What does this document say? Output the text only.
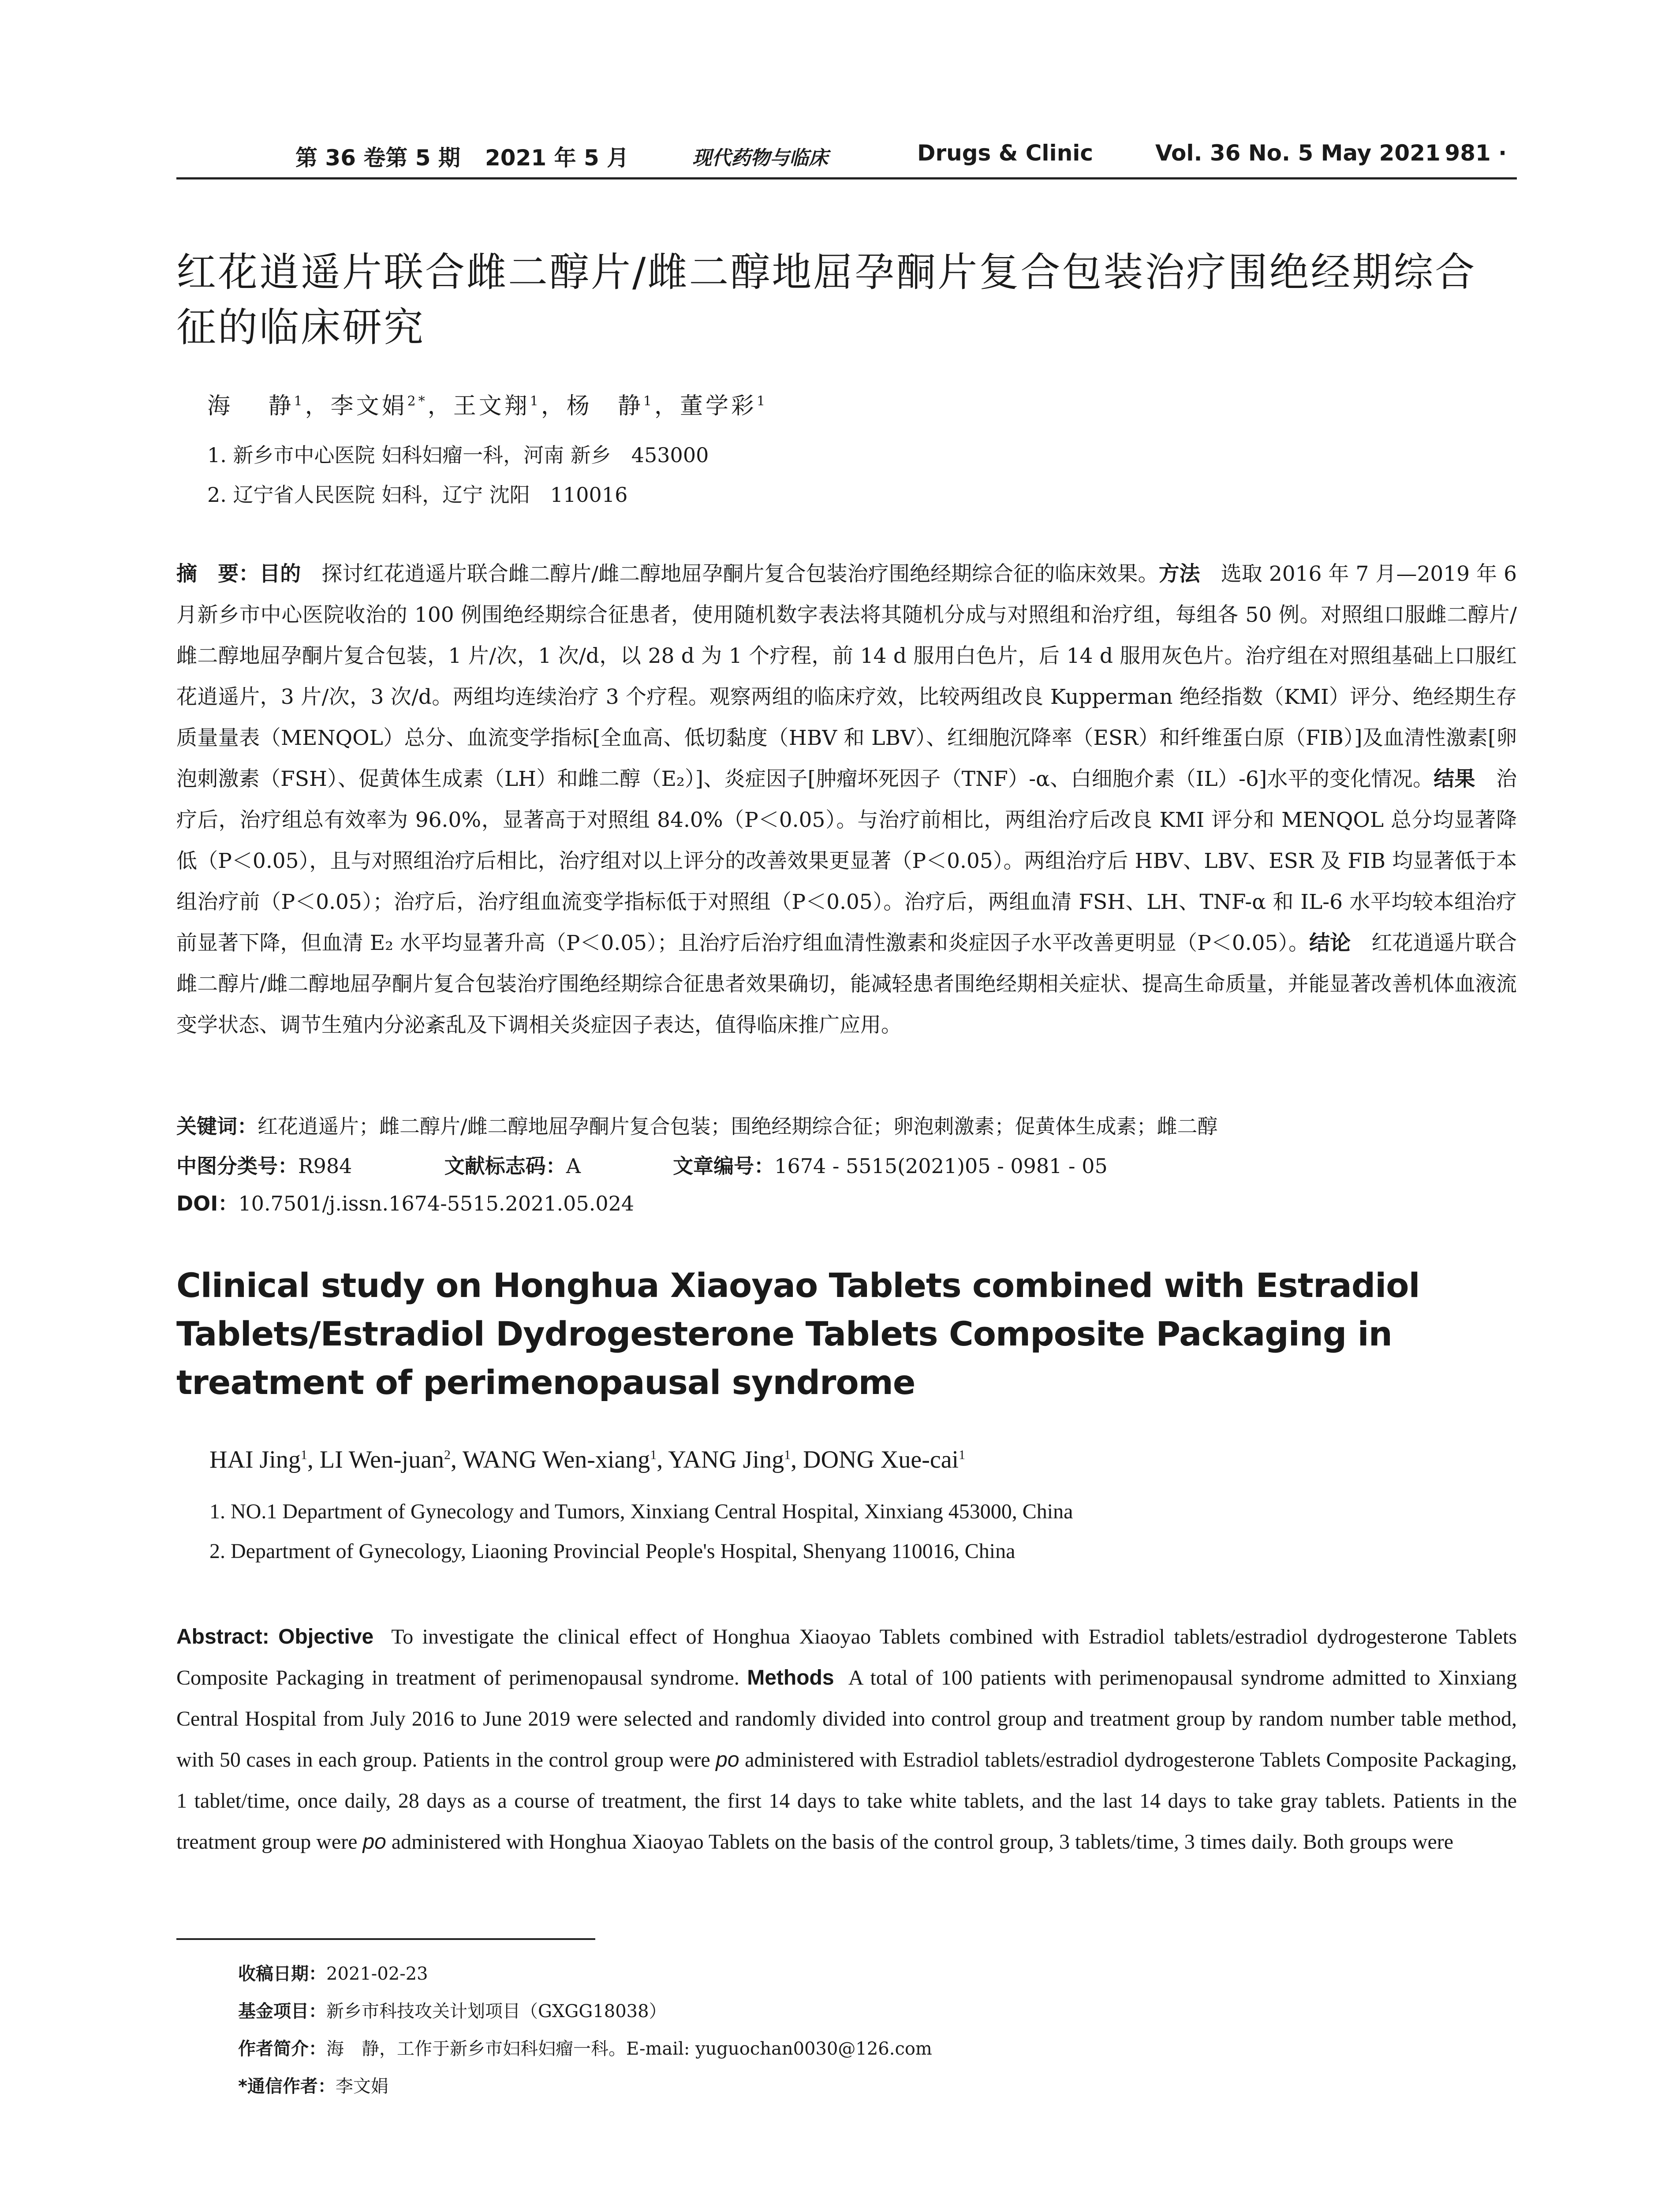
第 36 卷第 5 期 2021 年 5 月	现代药物与临床	Drugs & Clinic	Vol. 36 No. 5 May 2021
· 981 ·
红花逍遥片联合雌二醇片/雌二醇地屈孕酮片复合包装治疗围绝经期综合征的临床研究
海　 静$^1$，李文娟$^{2*}$，王文翔$^1$，杨　静$^1$，董学彩$^1$
1. 新乡市中心医院 妇科妇瘤一科，河南 新乡　453000
2. 辽宁省人民医院 妇科，辽宁 沈阳　110016
摘　要：目的　 探讨红花逍遥片联合雌二醇片/雌二醇地屈孕酮片复合包装治疗围绝经期综合征的临床效果。方法　 选取 2016 年 7 月—2019 年 6 月新乡市中心医院收治的 100 例围绝经期综合征患者，使用随机数字表法将其随机分成与对照组和治疗组，每组各 50 例。对照组口服雌二醇片/雌二醇地屈孕酮片复合包装，1 片/次，1 次/d，以 28 d 为 1 个疗程，前 14 d 服用白色片，后 14 d 服用灰色片。治疗组在对照组基础上口服红花逍遥片，3 片/次，3 次/d。两组均连续治疗 3 个疗程。观察两组的临床疗效，比较两组改良 Kupperman 绝经指数（KMI）评分、绝经期生存质量量表（MENQOL）总分、血流变学指标[全血高、低切黏度（HBV 和 LBV）、红细胞沉降率（ESR）和纤维蛋白原（FIB）]及血清性激素[卵泡刺激素（FSH）、促黄体生成素（LH）和雌二醇（E₂）]、炎症因子[肿瘤坏死因子（TNF）-α、白细胞介素（IL）-6]水平的变化情况。结果　 治疗后，治疗组总有效率为 96.0%，显著高于对照组 84.0%（P＜0.05）。与治疗前相比，两组治疗后改良 KMI 评分和 MENQOL 总分均显著降低（P＜0.05），且与对照组治疗后相比，治疗组对以上评分的改善效果更显著（P＜0.05）。两组治疗后 HBV、LBV、ESR 及 FIB 均显著低于本组治疗前（P＜0.05）；治疗后，治疗组血流变学指标低于对照组（P＜0.05）。治疗后，两组血清 FSH、LH、TNF-α 和 IL-6 水平均较本组治疗前显著下降，但血清 E₂ 水平均显著升高（P＜0.05）；且治疗后治疗组血清性激素和炎症因子水平改善更明显（P＜0.05）。结论　 红花逍遥片联合雌二醇片/雌二醇地屈孕酮片复合包装治疗围绝经期综合征患者效果确切，能减轻患者围绝经期相关症状、提高生命质量，并能显著改善机体血液流变学状态、调节生殖内分泌紊乱及下调相关炎症因子表达，值得临床推广应用。
关键词：红花逍遥片；雌二醇片/雌二醇地屈孕酮片复合包装；围绝经期综合征；卵泡刺激素；促黄体生成素；雌二醇
中图分类号：R984	文献标志码：A	文章编号：1674 - 5515(2021)05 - 0981 - 05
DOI：10.7501/j.issn.1674-5515.2021.05.024
Clinical study on Honghua Xiaoyao Tablets combined with Estradiol Tablets/Estradiol Dydrogesterone Tablets Composite Packaging in treatment of perimenopausal syndrome
HAI Jing$^1$, LI Wen-juan$^2$, WANG Wen-xiang$^1$, YANG Jing$^1$, DONG Xue-cai$^1$
1. NO.1 Department of Gynecology and Tumors, Xinxiang Central Hospital, Xinxiang 453000, China
2. Department of Gynecology, Liaoning Provincial People's Hospital, Shenyang 110016, China
Abstract: Objective To investigate the clinical effect of Honghua Xiaoyao Tablets combined with Estradiol tablets/estradiol dydrogesterone Tablets Composite Packaging in treatment of perimenopausal syndrome. Methods A total of 100 patients with perimenopausal syndrome admitted to Xinxiang Central Hospital from July 2016 to June 2019 were selected and randomly divided into control group and treatment group by random number table method, with 50 cases in each group. Patients in the control group were po administered with Estradiol tablets/estradiol dydrogesterone Tablets Composite Packaging, 1 tablet/time, once daily, 28 days as a course of treatment, the first 14 days to take white tablets, and the last 14 days to take gray tablets. Patients in the treatment group were po administered with Honghua Xiaoyao Tablets on the basis of the control group, 3 tablets/time, 3 times daily. Both groups were
收稿日期：2021-02-23
基金项目：新乡市科技攻关计划项目（GXGG18038）
作者简介：海　静，工作于新乡市妇科妇瘤一科。E-mail: yuguochan0030@126.com
*通信作者：李文娟
